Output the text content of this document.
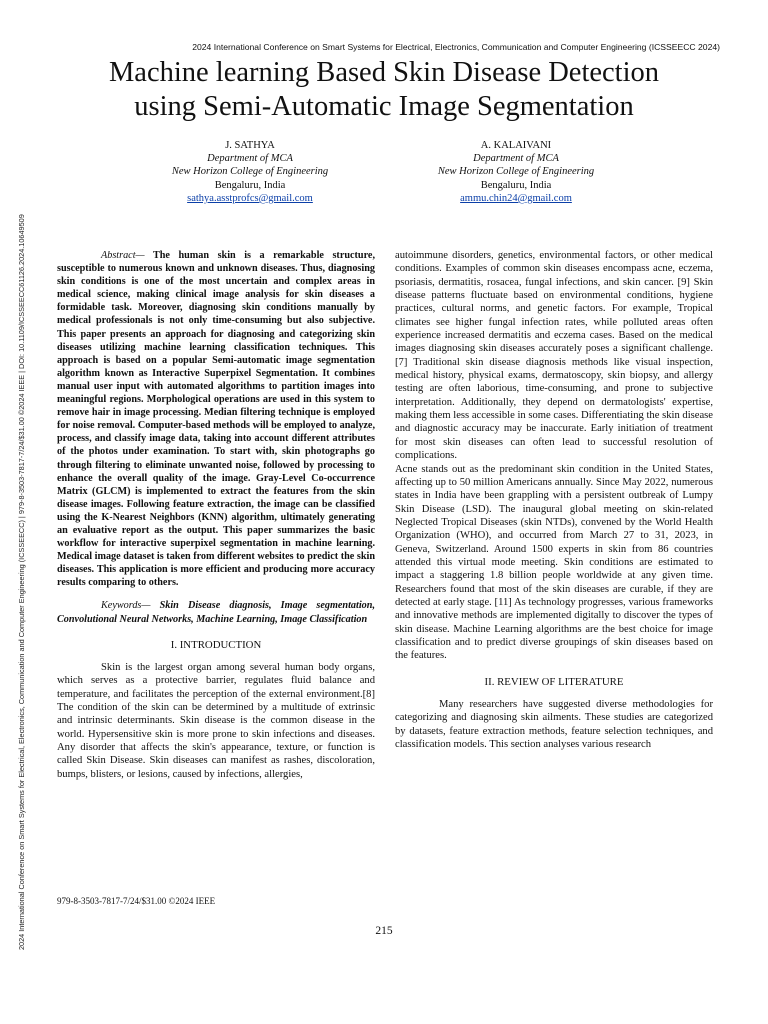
2024 International Conference on Smart Systems for Electrical, Electronics, Communication and Computer Engineering (ICSSEECC) | 979-8-3503-7817-7/24/$31.00 ©2024 IEEE | DOI: 10.1109/ICSSEECC61126.2024.10649509
2024 International Conference on Smart Systems for Electrical, Electronics, Communication and Computer Engineering (ICSSEECC 2024)
Machine learning Based Skin Disease Detection
using Semi-Automatic Image Segmentation
J. SATHYA
Department of MCA
New Horizon College of Engineering
Bengaluru, India
sathya.asstprofcs@gmail.com
A. KALAIVANI
Department of MCA
New Horizon College of Engineering
Bengaluru, India
ammu.chin24@gmail.com

Abstract— The human skin is a remarkable structure, susceptible to numerous known and unknown diseases. Thus, diagnosing skin conditions is one of the most uncertain and complex areas in medical science, making clinical image analysis for skin diseases a formidable task. Moreover, diagnosing skin conditions manually by medical professionals is not only time-consuming but also subjective. This paper presents an approach for diagnosing and categorizing skin diseases utilizing machine learning classification techniques. This approach is based on a popular Semi-automatic image segmentation algorithm known as Interactive Superpixel Segmentation. It combines manual user input with automated algorithms to partition images into meaningful regions. Morphological operations are used in this system to remove hair in image processing. Median filtering technique is employed for noise removal. Computer-based methods will be employed to analyze, process, and classify image data, taking into account different attributes of the photos under examination. To start with, skin photographs go through filtering to eliminate unwanted noise, followed by processing to enhance the overall quality of the image. Gray-Level Co-occurrence Matrix (GLCM) is implemented to extract the features from the skin disease images. Following feature extraction, the image can be classified using the K-Nearest Neighbors (KNN) algorithm, ultimately generating an evaluative report as the output. This paper summarizes the basic workflow for interactive superpixel segmentation in machine learning. Medical image dataset is taken from different websites to predict the skin diseases. This application is more efficient and producing more accuracy results comparing to others.

Keywords— Skin Disease diagnosis, Image segmentation, Convolutional Neural Networks, Machine Learning, Image Classification

I. INTRODUCTION

Skin is the largest organ among several human body organs, which serves as a protective barrier, regulates fluid balance and temperature, and facilitates the perception of the external environment.[8] The condition of the skin can be determined by a multitude of extrinsic and intrinsic determinants. Skin disease is the common disease in the world. Hypersensitive skin is more prone to skin infections and diseases. Any disorder that affects the skin's appearance, texture, or function is called Skin Disease. Skin diseases can manifest as rashes, discoloration, bumps, blisters, or lesions, caused by infections, allergies,

autoimmune disorders, genetics, environmental factors, or other medical conditions. Examples of common skin diseases encompass acne, eczema, psoriasis, dermatitis, rosacea, fungal infections, and skin cancer. [9] Skin disease patterns fluctuate based on environmental conditions, hygiene practices, cultural norms, and genetic factors. For example, Tropical climates see higher fungal infection rates, while polluted areas often experience increased dermatitis and eczema cases. Based on the medical images diagnosing skin diseases accurately poses a significant challenge. [7] Traditional skin disease diagnosis methods like visual inspection, medical history, physical exams, dermatoscopy, skin biopsy, and allergy testing are often laborious, time-consuming, and prone to subjective interpretation. Additionally, they depend on dermatologists' expertise, making them less accessible in some cases. Differentiating the skin disease and diagnostic accuracy may be inaccurate. Early initiation of treatment for most skin diseases can often lead to successful resolution of complications.

Acne stands out as the predominant skin condition in the United States, affecting up to 50 million Americans annually. Since May 2022, numerous states in India have been grappling with a persistent outbreak of Lumpy Skin Disease (LSD). The inaugural global meeting on skin-related Neglected Tropical Diseases (skin NTDs), convened by the World Health Organization (WHO), and occurred from March 27 to 31, 2023, in Geneva, Switzerland. Around 1500 experts in skin from 86 countries attended this virtual mode meeting. Skin conditions are estimated to impact a staggering 1.8 billion people worldwide at any given time. Researchers found that most of the skin diseases are curable, if they are detected at early stage. [11] As technology progresses, various frameworks and innovative methods are implemented digitally to discover the types of skin disease. Machine Learning algorithms are the best choice for image classification and to predict diverse groupings of skin diseases based on the features.

II. REVIEW OF LITERATURE

Many researchers have suggested diverse methodologies for categorizing and diagnosing skin ailments. These studies are categorized by datasets, feature extraction methods, feature selection techniques, and classification models. This section analyses various research

979-8-3503-7817-7/24/$31.00 ©2024 IEEE
215
